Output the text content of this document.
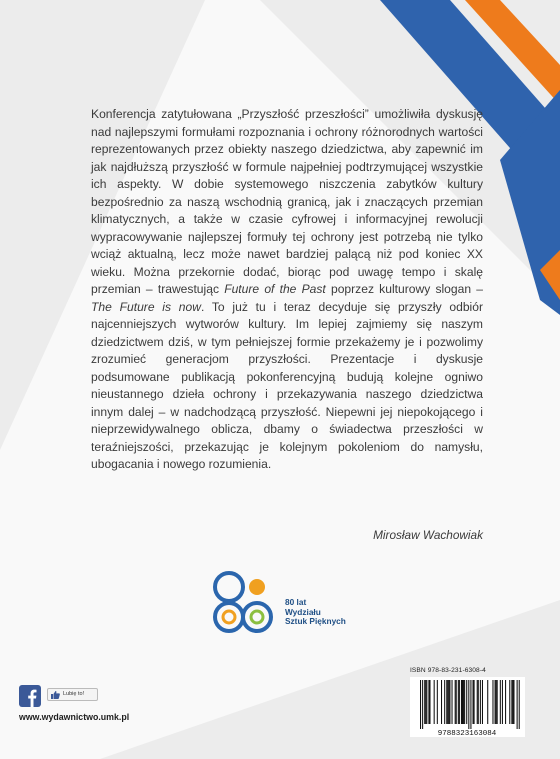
Konferencja zatytułowana „Przyszłość przeszłości” umożliwiła dyskusję nad najlepszymi formułami rozpoznania i ochrony różnorodnych wartości reprezentowanych przez obiekty naszego dziedzictwa, aby zapewnić im jak najdłuższą przyszłość w formule najpełniej podtrzymującej wszystkie ich aspekty. W dobie systemowego niszczenia zabytków kultury bezpośrednio za naszą wschodnią granicą, jak i znaczących przemian klimatycznych, a także w czasie cyfrowej i informacyjnej rewolucji wypracowywanie najlepszej formuły tej ochrony jest potrzebą nie tylko wciąż aktualną, lecz może nawet bardziej palącą niż pod koniec XX wieku. Można przekornie dodać, biorąc pod uwagę tempo i skalę przemian – trawestując Future of the Past poprzez kulturowy slogan – The Future is now. To już tu i teraz decyduje się przyszły odbiór najcenniejszych wytworów kultury. Im lepiej zajmiemy się naszym dziedzictwem dziś, w tym pełniejszej formie przekażemy je i pozwolimy zrozumieć generacjom przyszłości. Prezentacje i dyskusje podsumowane publikacją pokonferencyjną budują kolejne ogniwo nieustannego dzieła ochrony i przekazywania naszego dziedzictwa innym dalej – w nadchodzącą przyszłość. Niepewni jej niepokojącego i nieprzewidywalnego oblicza, dbamy o świadectwa przeszłości w teraźniejszości, przekazując je kolejnym pokoleniom do namysłu, ubogacania i nowego rozumienia.
Mirosław Wachowiak
80 lat
Wydziału
Sztuk Pięknych
ISBN 978-83-231-6308-4
9788323163084
Lubię to!
www.wydawnictwo.umk.pl
